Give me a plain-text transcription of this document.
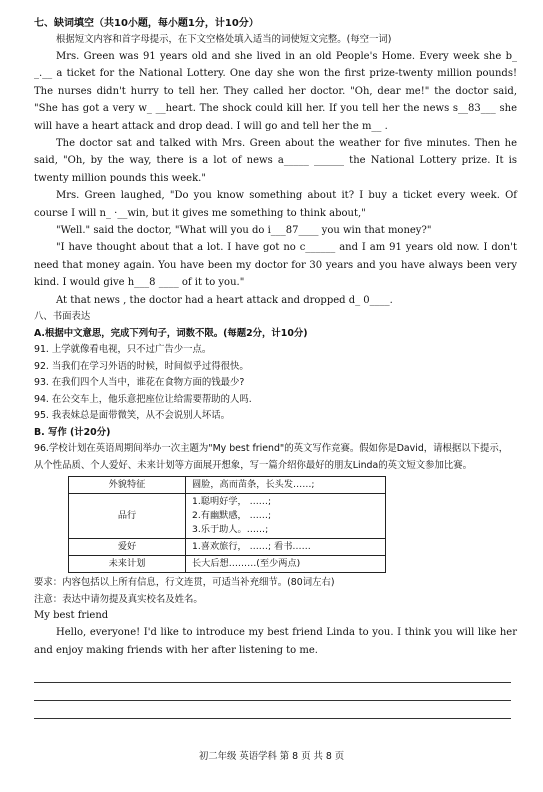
七、缺词填空（共10小题，每小题1分，计10分）

根据短文内容和首字母提示，在下文空格处填入适当的词使短文完整。(每空一词)

Mrs. Green was 91 years old and she lived in an old People's Home. Every week she b_ _.__ a ticket for the National Lottery. One day she won the first prize-twenty million pounds! The nurses didn't hurry to tell her. They called her doctor. "Oh, dear me!" the doctor said, "She has got a very w_ __heart. The shock could kill her. If you tell her the news s__83___ she will have a heart attack and drop dead. I will go and tell her the m__ .

The doctor sat and talked with Mrs. Green about the weather for five minutes. Then he said, "Oh, by the way, there is a lot of news a_____ ______ the National Lottery prize. It is twenty million pounds this week."

Mrs. Green laughed, "Do you know something about it? I buy a ticket every week. Of course I will n_ ·__win, but it gives me something to think about,"

"Well." said the doctor, "What will you do i___87____ you win that money?"

"I have thought about that a lot. I have got no c______ and I am 91 years old now. I don't need that money again. You have been my doctor for 30 years and you have always been very kind. I would give h___8 ____ of it to you."

At that news , the doctor had a heart attack and dropped d_ 0____.

八、书面表达

A.根据中文意思，完成下列句子，词数不限。(每题2分，计10分)

91. 上学就像看电视，只不过广告少一点。

92. 当我们在学习外语的时候，时间似乎过得很快。

93. 在我们四个人当中，谁花在食物方面的钱最少?

94. 在公交车上，他乐意把座位让给需要帮助的人吗.

95. 我表妹总是面带微笑，从不会说别人坏话。

B. 写作 (计20分)

96.学校计划在英语周期间举办一次主题为"My best friend"的英文写作竞赛。假如你是David，请根据以下提示，从个性品质、个人爱好、未来计划等方面展开想象，写一篇介绍你最好的朋友Linda的英文短文参加比赛。

外貌特征	圆脸，高而苗条，长头发……;
品行	1.聪明好学， ……;
2.有幽默感， ……;
3.乐于助人。……;

爱好	1.喜欢旅行， ……; 看书……
未来计划	长大后想………(至少两点)

要求：内容包括以上所有信息，行文连贯，可适当补充细节。(80词左右)

注意：表达中请勿提及真实校名及姓名。

My best friend

Hello, everyone! I'd like to introduce my best friend Linda to you. I think you will like her and enjoy making friends with her after listening to me.

初二年级 英语学科 第 8 页 共 8 页
